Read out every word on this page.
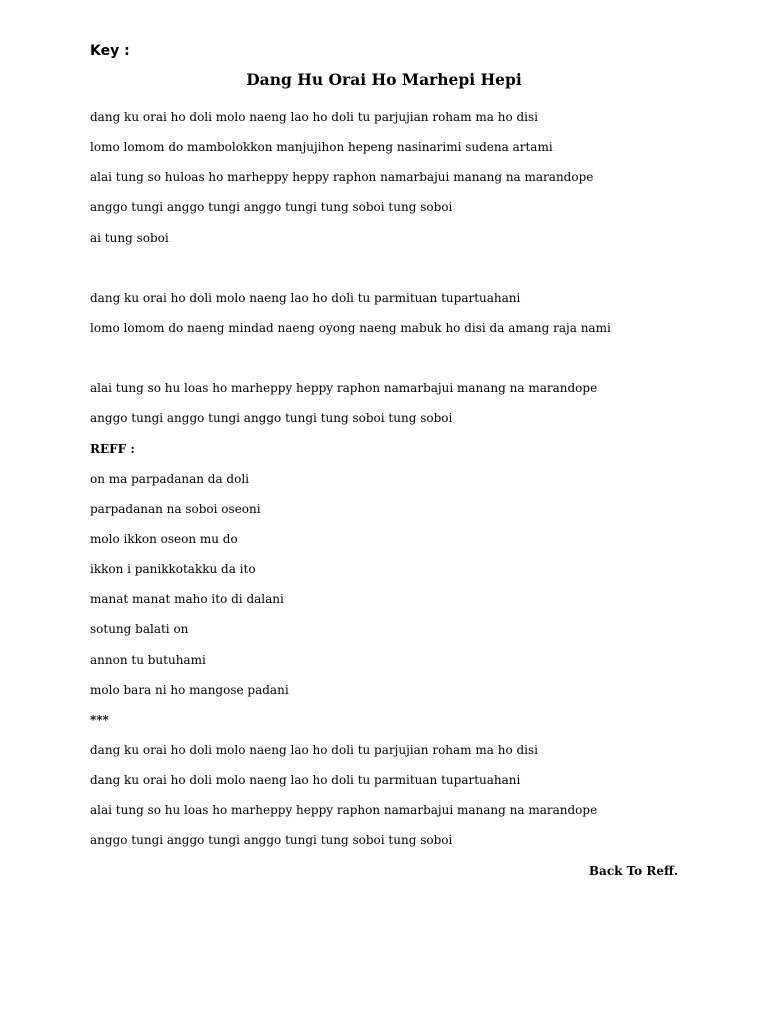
Key :
Dang Hu Orai Ho Marhepi Hepi
dang ku orai ho doli molo naeng lao ho doli tu parjujian roham ma ho disi
lomo lomom do mambolokkon manjujihon hepeng nasinarimi sudena artami
alai tung so huloas ho marheppy heppy raphon namarbajui manang na marandope
anggo tungi anggo tungi anggo tungi tung soboi tung soboi
ai tung soboi
dang ku orai ho doli molo naeng lao ho doli tu parmituan tupartuahani
lomo lomom do naeng mindad naeng oyong naeng mabuk ho disi da amang raja nami
alai tung so hu loas ho marheppy heppy raphon namarbajui manang na marandope
anggo tungi anggo tungi anggo tungi tung soboi tung soboi
REFF :
on ma parpadanan da doli
parpadanan na soboi oseoni
molo ikkon oseon mu do
ikkon i panikkotakku da ito
manat manat maho ito di dalani
sotung balati on
annon tu butuhami
molo bara ni ho mangose padani
***
dang ku orai ho doli molo naeng lao ho doli tu parjujian roham ma ho disi
dang ku orai ho doli molo naeng lao ho doli tu parmituan tupartuahani
alai tung so hu loas ho marheppy heppy raphon namarbajui manang na marandope
anggo tungi anggo tungi anggo tungi tung soboi tung soboi
Back To Reff.
